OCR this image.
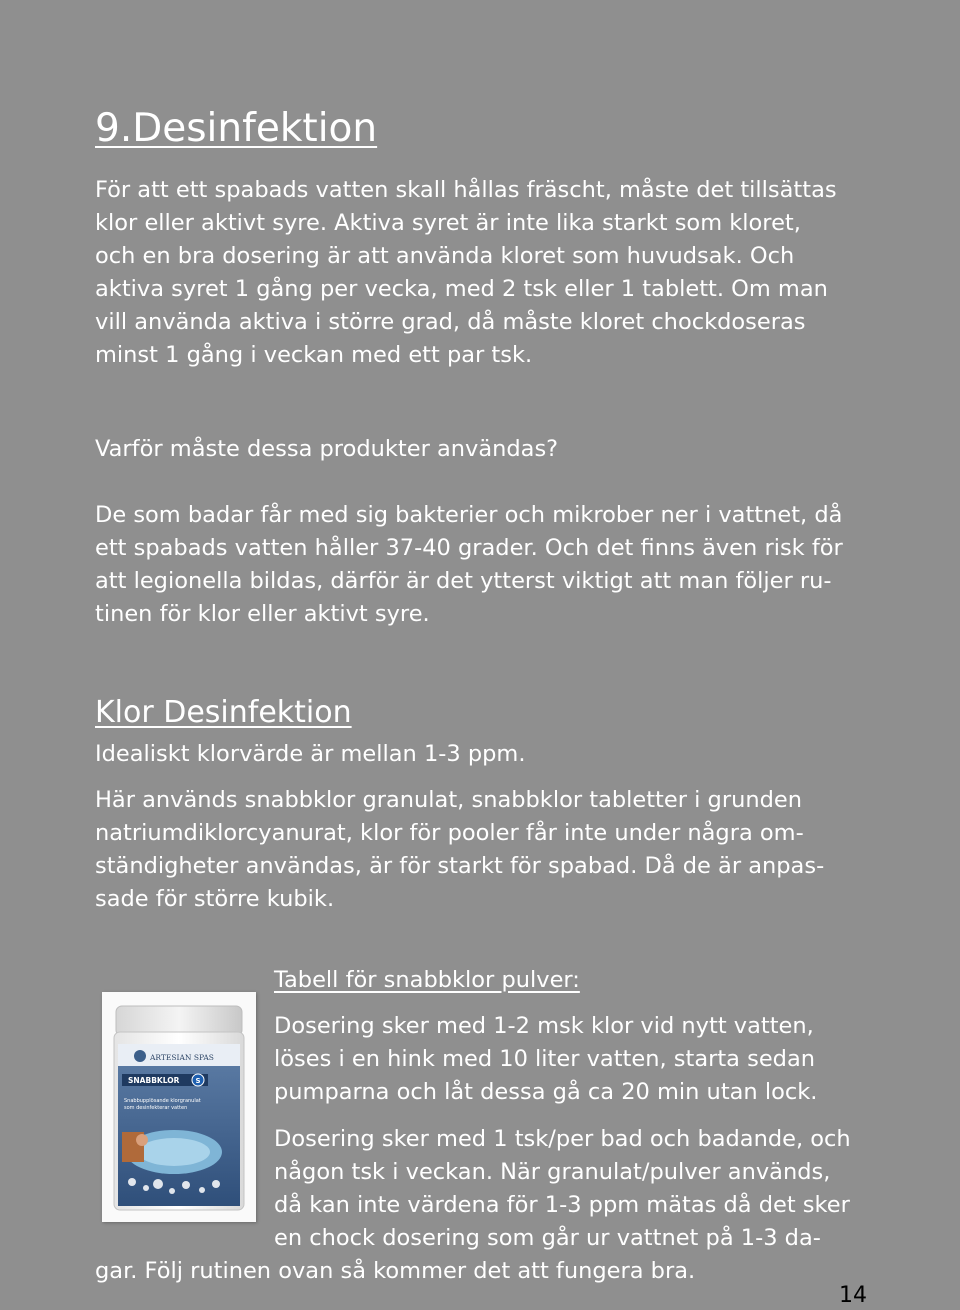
9.Desinfektion

För att ett spabads vatten skall hållas fräscht, måste det tillsättas
klor eller aktivt syre. Aktiva syret är inte lika starkt som kloret,
och en bra dosering är att använda kloret som huvudsak. Och
aktiva syret 1 gång per vecka, med 2 tsk eller 1 tablett. Om man
vill använda aktiva i större grad, då måste kloret chockdoseras
minst 1 gång i veckan med ett par tsk.

Varför måste dessa produkter användas?

De som badar får med sig bakterier och mikrober ner i vattnet, då
ett spabads vatten håller 37-40 grader. Och det finns även risk för
att legionella bildas, därför är det ytterst viktigt att man följer ru-
tinen för klor eller aktivt syre.

Klor Desinfektion

Idealiskt klorvärde är mellan 1-3 ppm.

Här används snabbklor granulat, snabbklor tabletter i grunden
natriumdiklorcyanurat, klor för pooler får inte under några om-
ständigheter användas, är för starkt för spabad. Då de är anpas-
sade för större kubik.

Tabell för snabbklor pulver:
ARTESIAN SPAS
SNABBKLOR S
Snabbupplösande klorgranulat
som desinfekterar vatten

Dosering sker med 1-2 msk klor vid nytt vatten,
löses i en hink med 10 liter vatten, starta sedan
pumparna och låt dessa gå ca 20 min utan lock.

Dosering sker med 1 tsk/per bad och badande, och
någon tsk i veckan. När granulat/pulver används,
då kan inte värdena för 1-3 ppm mätas då det sker
en chock dosering som går ur vattnet på 1-3 da-

gar. Följ rutinen ovan så kommer det att fungera bra.

14
